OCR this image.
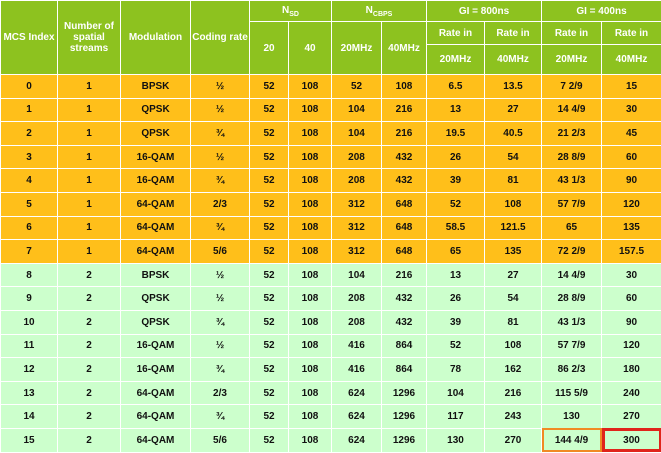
MCS Index	Number of spatial streams	Modulation	Coding rate	$N_{SD}$		$N_{CBPS}$		GI = 800ns		GI = 400ns	
				20	40	20MHz	40MHz	Rate in	Rate in	Rate in	Rate in
								20MHz	40MHz	20MHz	40MHz
0	1	BPSK	½	52	108	52	108	6.5	13.5	7 2/9	15
1	1	QPSK	½	52	108	104	216	13	27	14 4/9	30
2	1	QPSK	¾	52	108	104	216	19.5	40.5	21 2/3	45
3	1	16-QAM	½	52	108	208	432	26	54	28 8/9	60
4	1	16-QAM	¾	52	108	208	432	39	81	43 1/3	90
5	1	64-QAM	2/3	52	108	312	648	52	108	57 7/9	120
6	1	64-QAM	¾	52	108	312	648	58.5	121.5	65	135
7	1	64-QAM	5/6	52	108	312	648	65	135	72 2/9	157.5
8	2	BPSK	½	52	108	104	216	13	27	14 4/9	30
9	2	QPSK	½	52	108	208	432	26	54	28 8/9	60
10	2	QPSK	¾	52	108	208	432	39	81	43 1/3	90
11	2	16-QAM	½	52	108	416	864	52	108	57 7/9	120
12	2	16-QAM	¾	52	108	416	864	78	162	86 2/3	180
13	2	64-QAM	2/3	52	108	624	1296	104	216	115 5/9	240
14	2	64-QAM	¾	52	108	624	1296	117	243	130	270
15	2	64-QAM	5/6	52	108	624	1296	130	270	144 4/9	300
